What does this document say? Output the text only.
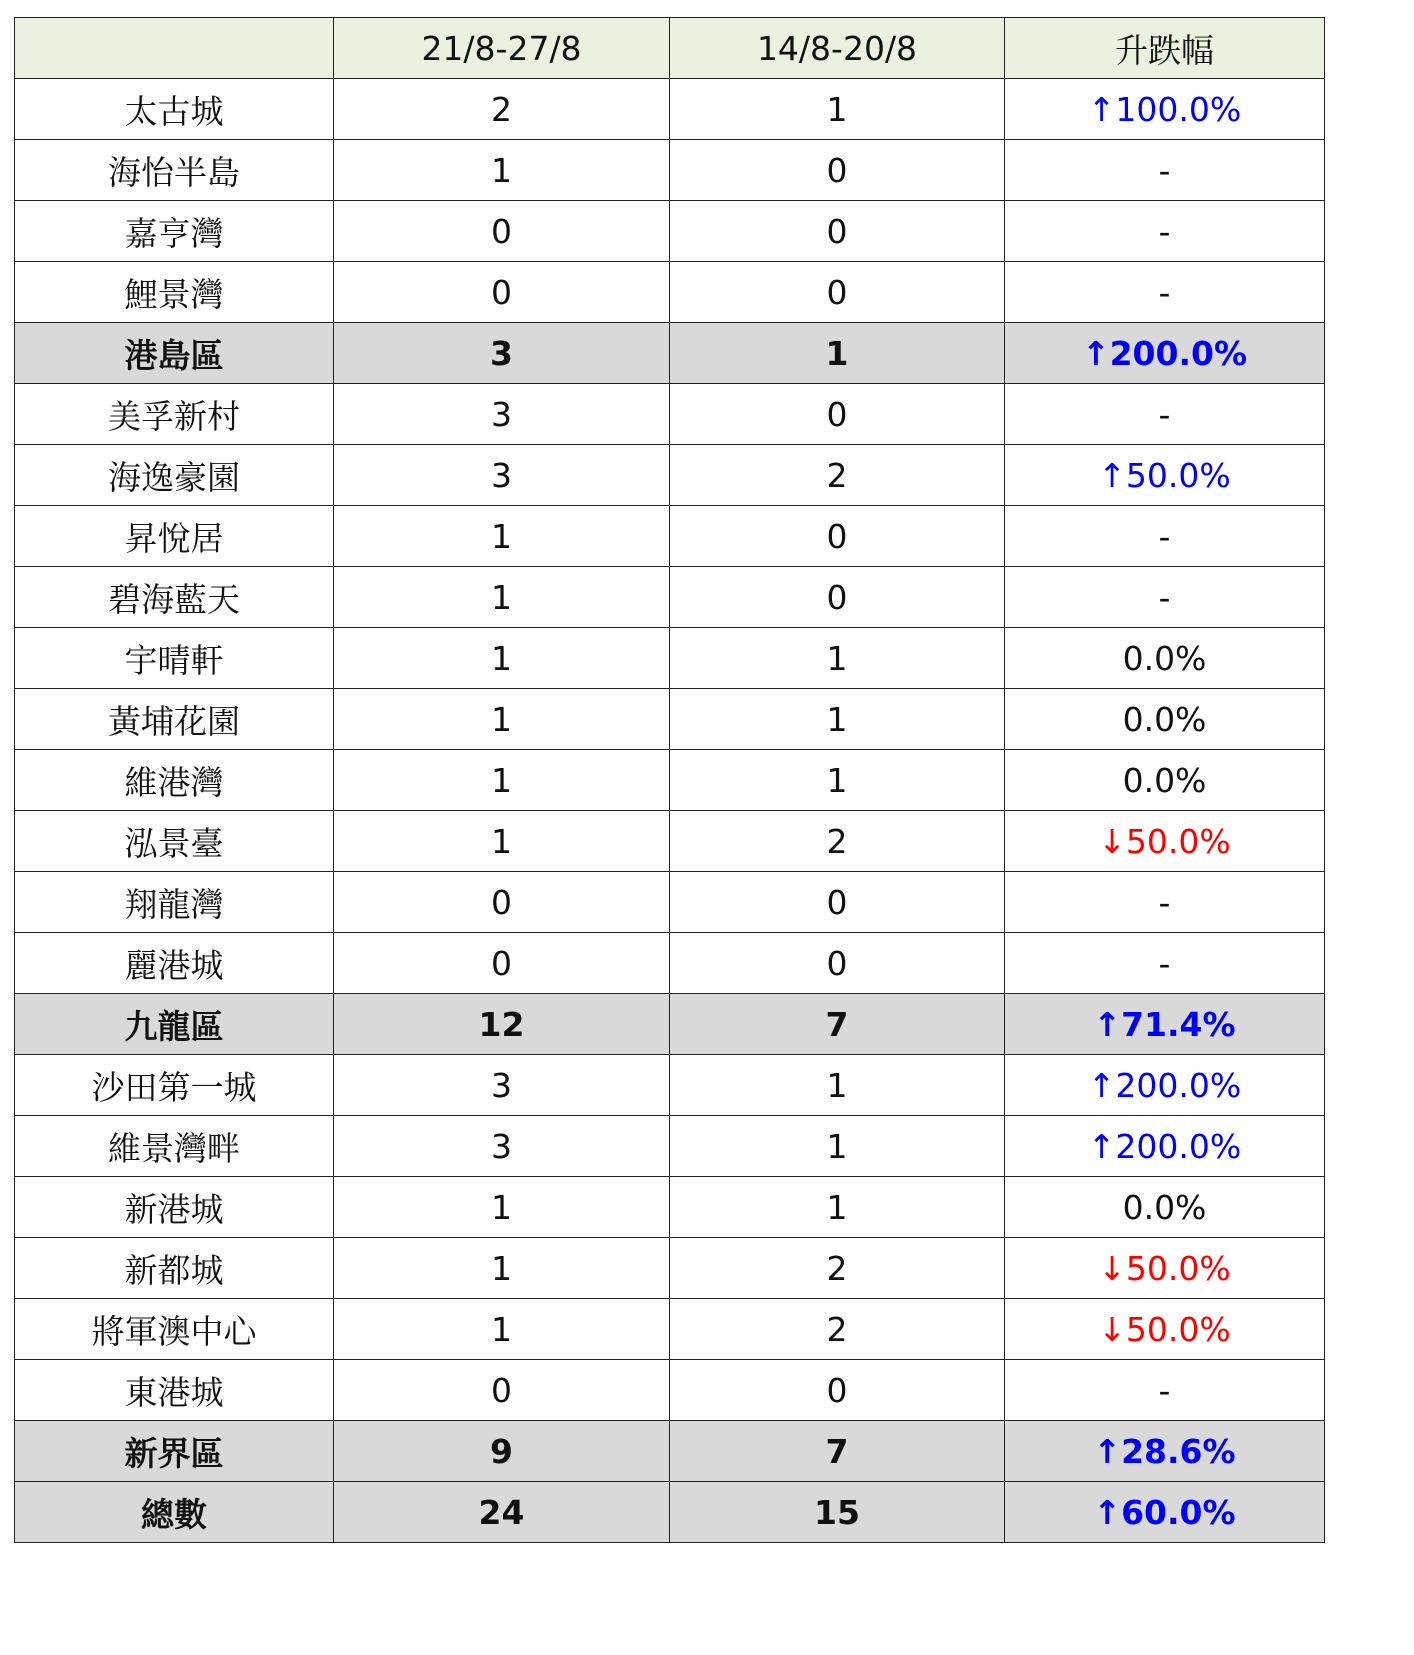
	21/8-27/8	14/8-20/8	升跌幅
太古城	2	1	↑100.0%
海怡半島	1	0	-
嘉亨灣	0	0	-
鯉景灣	0	0	-
港島區	3	1	↑200.0%
美孚新村	3	0	-
海逸豪園	3	2	↑50.0%
昇悅居	1	0	-
碧海藍天	1	0	-
宇晴軒	1	1	0.0%
黃埔花園	1	1	0.0%
維港灣	1	1	0.0%
泓景臺	1	2	↓50.0%
翔龍灣	0	0	-
麗港城	0	0	-
九龍區	12	7	↑71.4%
沙田第一城	3	1	↑200.0%
維景灣畔	3	1	↑200.0%
新港城	1	1	0.0%
新都城	1	2	↓50.0%
將軍澳中心	1	2	↓50.0%
東港城	0	0	-
新界區	9	7	↑28.6%
總數	24	15	↑60.0%
